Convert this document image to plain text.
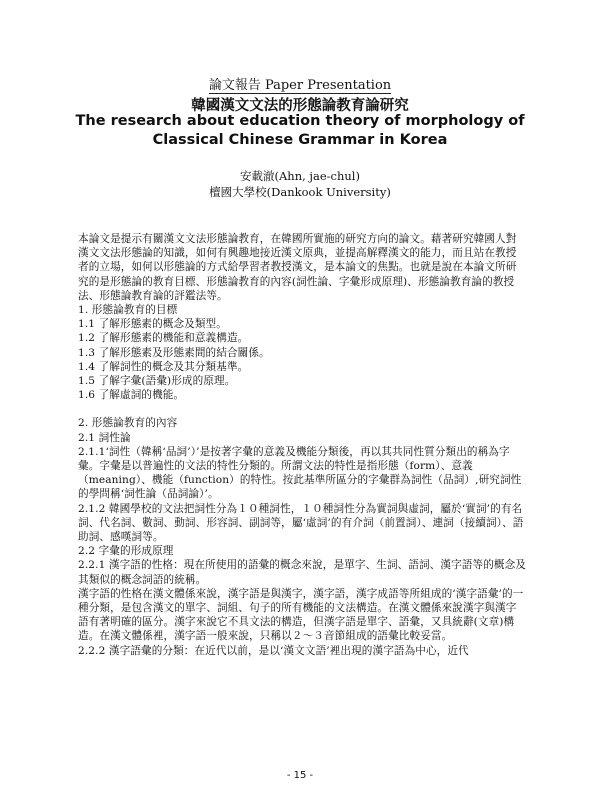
論文報告 Paper Presentation
韓國漢文文法的形態論教育論研究
The research about education theory of morphology of Classical Chinese Grammar in Korea
安載澈(Ahn, jae-chul)
檀國大學校(Dankook University)

本論文是提示有關漢文文法形態論教育，在韓國所實施的研究方向的論文。藉著研究韓國人對漢文文法形態論的知識，如何有興趣地接近漢文原典，並提高解釋漢文的能力，而且站在教授者的立場，如何以形態論的方式給學習者教授漢文，是本論文的焦點。也就是說在本論文所研究的是形態論的教育目標、形態論教育的內容(詞性論、字彙形成原理)、形態論教育論的教授法、形態論教育論的評鑑法等。

1. 形態論教育的目標

1.1 了解形態素的概念及類型。

1.2 了解形態素的機能和意義構造。

1.3 了解形態素及形態素間的結合關係。

1.4 了解詞性的概念及其分類基準。

1.5 了解字彙(語彙)形成的原理。

1.6 了解虛詞的機能。

2. 形態論教育的內容

2.1 詞性論

2.1.1‘詞性（韓稱‘品詞’）’是按著字彙的意義及機能分類後，再以其共同性質分類出的稱為字彙。字彙是以普遍性的文法的特性分類的。所謂文法的特性是指形態（form）、意義（meaning）、機能（function）的特性。按此基準所區分的字彙群為詞性（品詞）,研究詞性的學問稱‘詞性論（品詞論）’。

2.1.2 韓國學校的文法把詞性分為１０種詞性，１０種詞性分為實詞與虛詞，屬於‘實詞’的有名詞、代名詞、數詞、動詞、形容詞、副詞等，屬‘虛詞’的有介詞（前置詞）、連詞（接續詞）、語助詞、感嘆詞等。

2.2 字彙的形成原理

2.2.1 漢字語的性格：現在所使用的語彙的概念來說，是單字、生詞、語詞、漢字語等的概念及其類似的概念詞語的統稱。

漢字語的性格在漢文體係來說，漢字語是與漢字，漢字語，漢字成語等所組成的‘漢字語彙’的一種分類，是包含漢文的單字、詞組、句子的所有機能的文法構造。在漢文體係來說漢字與漢字語有著明確的區分。漢字來說它不具文法的構造，但漢字語是單字、語彙，又具統辭(文章)構造。在漢文體係裡，漢字語一般來說，只稱以２〜３音節組成的語彙比較妥當。

2.2.2 漢字語彙的分類：在近代以前，是以‘漢文文語’裡出現的漢字語為中心，近代

- 15 -
